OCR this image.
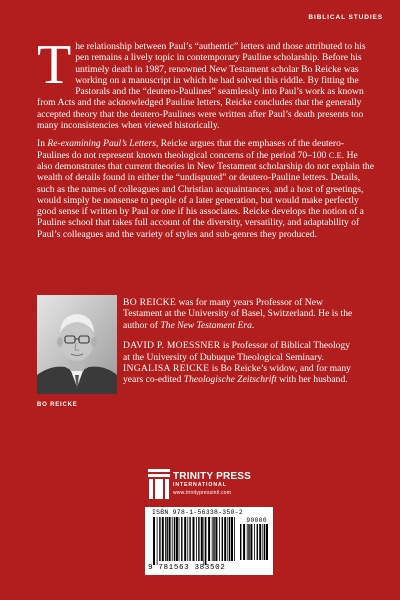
BIBLICAL STUDIES

The relationship between Paul’s “authentic” letters and those attributed to his pen remains a lively topic in contemporary Pauline scholarship. Before his untimely death in 1987, renowned New Testament scholar Bo Reicke was working on a manuscript in which he had solved this riddle. By fitting the Pastorals and the “deutero-Paulines” seamlessly into Paul’s work as known from Acts and the acknowledged Pauline letters, Reicke concludes that the generally accepted theory that the deutero-Paulines were written after Paul’s death presents too many inconsistencies when viewed historically.

In Re-examining Paul’s Letters, Reicke argues that the emphases of the deutero-Paulines do not represent known theological concerns of the period 70–100 C.E. He also demonstrates that current theories in New Testament scholarship do not explain the wealth of details found in either the “undisputed” or deutero-Pauline letters. Details, such as the names of colleagues and Christian acquaintances, and a host of greetings, would simply be nonsense to people of a later generation, but would make perfectly good sense if written by Paul or one if his associates. Reicke develops the notion of a Pauline school that takes full account of the diversity, versatility, and adaptability of Paul’s colleagues and the variety of styles and sub-genres they produced.

BO REICKE

BO REICKE was for many years Professor of New Testament at the University of Basel, Switzerland. He is the author of The New Testament Era.

DAVID P. MOESSNER is Professor of Biblical Theology at the University of Dubuque Theological Seminary.

INGALISA REICKE is Bo Reicke’s widow, and for many years co-edited Theologische Zeitschrift with her husband.

TRINITY PRESS
INTERNATIONAL
www.trinitypressintl.com
ISBN 978-1-56338-350-2
90000
9 781563 383502
